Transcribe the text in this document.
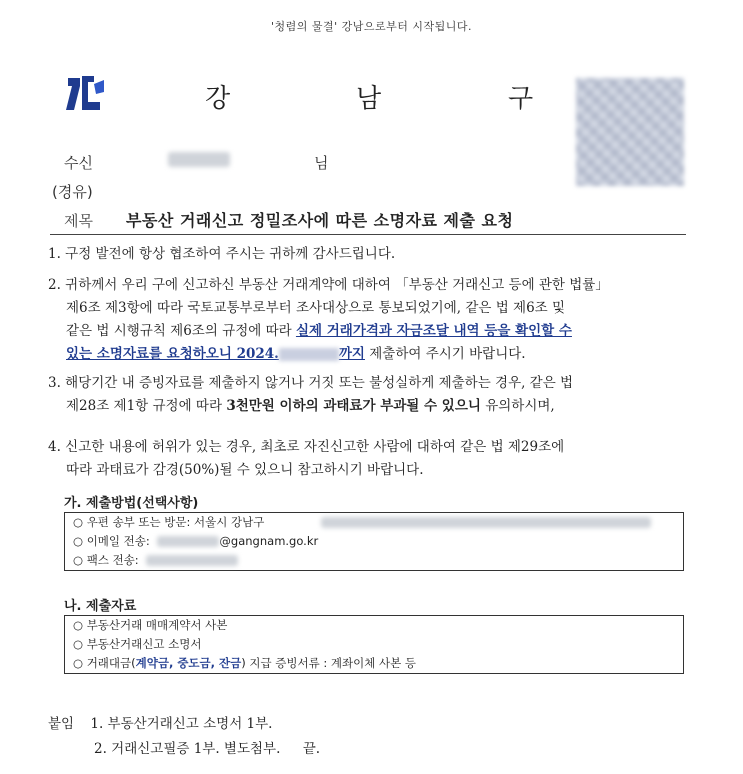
'청렴의 물결' 강남으로부터 시작됩니다.
강	남	구
수신	님
(경유)
제목 부동산 거래신고 정밀조사에 따른 소명자료 제출 요청

1. 구정 발전에 항상 협조하여 주시는 귀하께 감사드립니다.

2. 귀하께서 우리 구에 신고하신 부동산 거래계약에 대하여 「부동산 거래신고 등에 관한 법률」

제6조 제3항에 따라 국토교통부로부터 조사대상으로 통보되었기에, 같은 법 제6조 및

같은 법 시행규칙 제6조의 규정에 따라 실제 거래가격과 자금조달 내역 등을 확인할 수

있는 소명자료를 요청하오니 2024.	까지 제출하여 주시기 바랍니다.

3. 해당기간 내 증빙자료를 제출하지 않거나 거짓 또는 불성실하게 제출하는 경우, 같은 법

제28조 제1항 규정에 따라 3천만원 이하의 과태료가 부과될 수 있으니 유의하시며,

4. 신고한 내용에 허위가 있는 경우, 최초로 자진신고한 사람에 대하여 같은 법 제29조에

따라 과태료가 감경(50%)될 수 있으니 참고하시기 바랍니다.

가. 제출방법(선택사항)
○ 우편 송부 또는 방문: 서울시 강남구
○ 이메일 전송:	@gangnam.go.kr
○ 팩스 전송:
나. 제출자료
○ 부동산거래 매매계약서 사본
○ 부동산거래신고 소명서
○ 거래대금(계약금, 중도금, 잔금) 지급 증빙서류 : 계좌이체 사본 등
붙임 1. 부동산거래신고 소명서 1부.
2. 거래신고필증 1부. 별도첨부. 끝.
